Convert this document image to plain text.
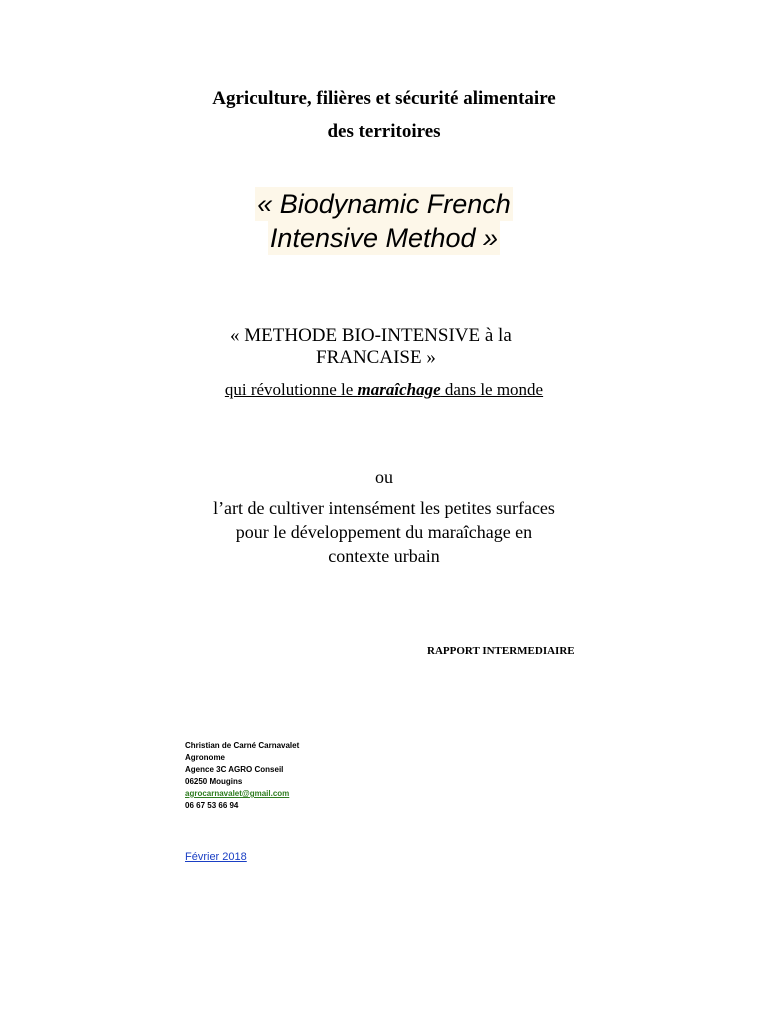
Agriculture, filières et sécurité alimentaire
des territoires
« Biodynamic French
Intensive Method »
« METHODE BIO-INTENSIVE à la
FRANCAISE »
qui révolutionne le maraîchage dans le monde
ou
l’art de cultiver intensément les petites surfaces
pour le développement du maraîchage en
contexte urbain
RAPPORT INTERMEDIAIRE
Christian de Carné Carnavalet
Agronome
Agence 3C AGRO Conseil
06250 Mougins
agrocarnavalet@gmail.com
06 67 53 66 94
Février 2018
